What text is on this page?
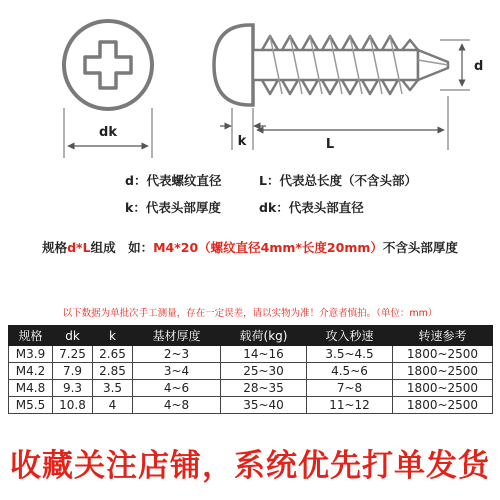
dk
d
k	L
d：代表螺纹直径	L：代表总长度（不含头部）
k：代表头部厚度	dk：代表头部直径
规格d*L组成　如：M4*20（螺纹直径4mm*长度20mm）不含头部厚度
以下数据为单批次手工测量，存在一定误差，请以实物为准！介意者慎拍。（单位：mm）
规格	dk	k	基材厚度	载荷(kg)	攻入秒速	转速参考
M3.9	7.25	2.65	2~3	14~16	3.5~4.5	1800~2500
M4.2	7.9	2.85	3~4	25~30	4.5~6	1800~2500
M4.8	9.3	3.5	4~6	28~35	7~8	1800~2500
M5.5	10.8	4	4~8	35~40	11~12	1800~2500
收藏关注店铺，系统优先打单发货
